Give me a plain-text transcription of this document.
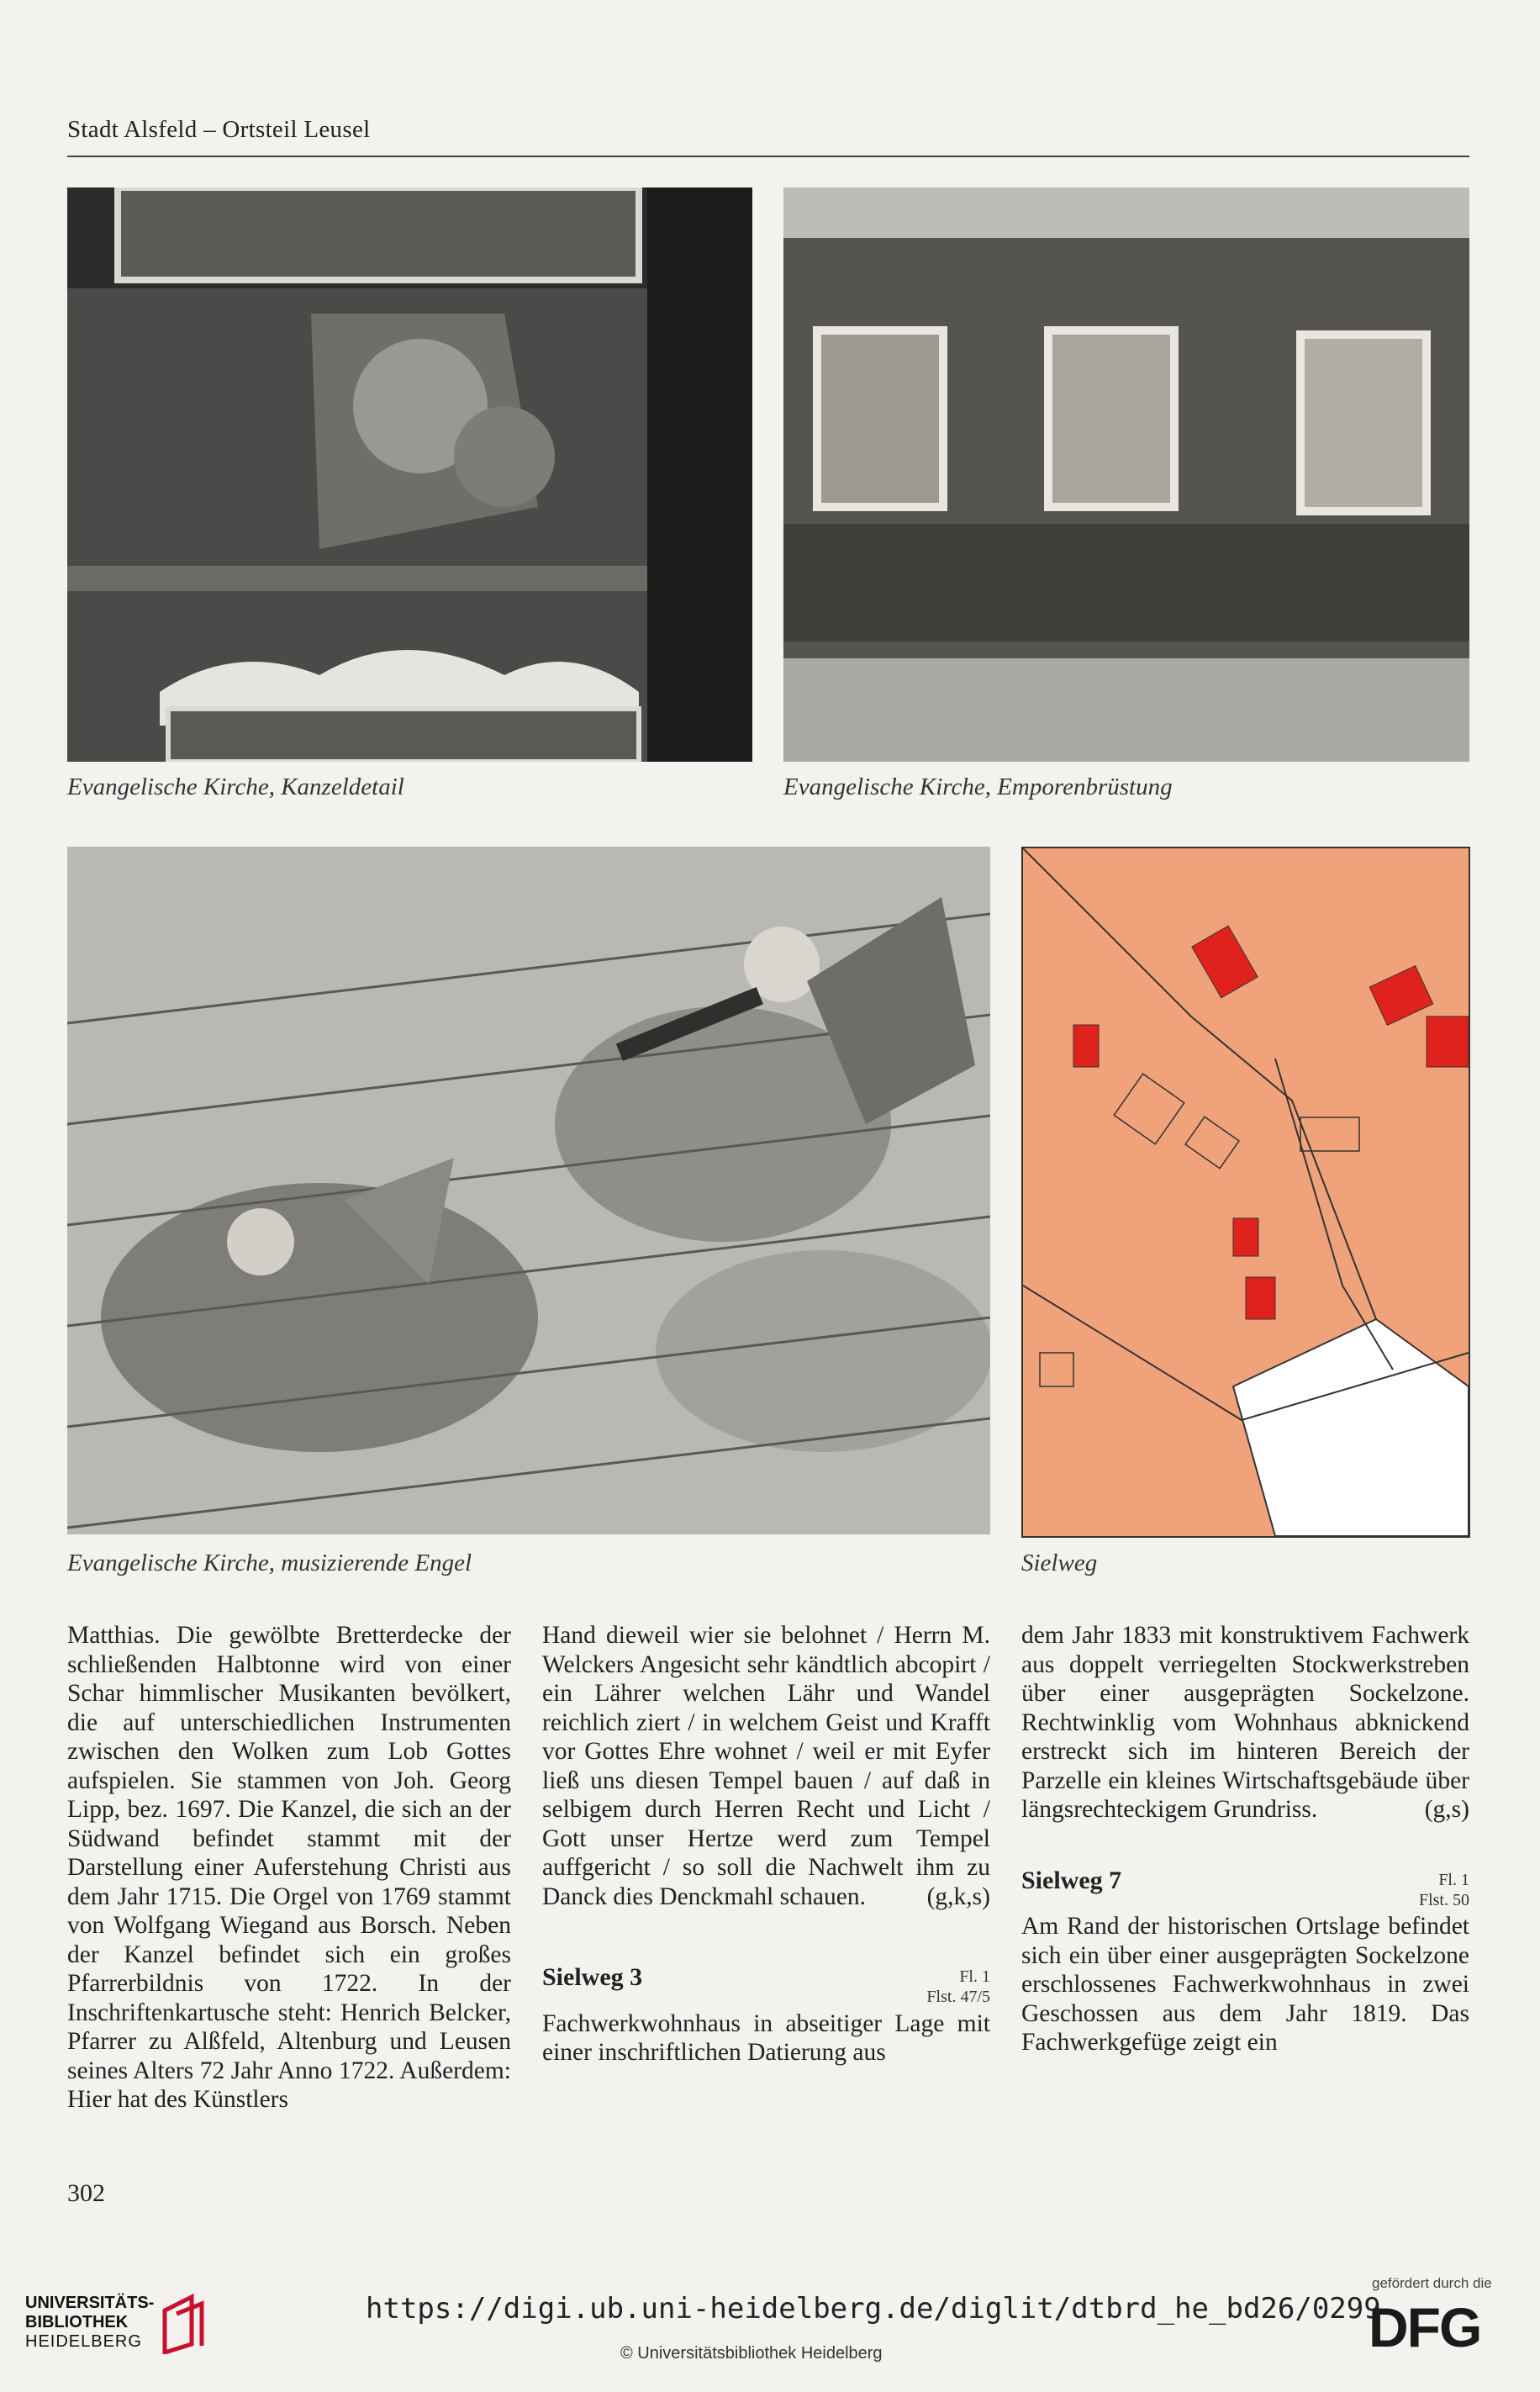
Stadt Alsfeld – Ortsteil Leusel
Evangelische Kirche, Kanzeldetail	Evangelische Kirche, Emporenbrüstung
Evangelische Kirche, musizierende Engel	Sielweg

Matthias. Die gewölbte Bretterdecke der schließenden Halbtonne wird von einer Schar himmlischer Musikanten bevölkert, die auf unterschiedlichen Instrumenten zwischen den Wolken zum Lob Gottes aufspielen. Sie stammen von Joh. Georg Lipp, bez. 1697. Die Kanzel, die sich an der Südwand befindet stammt mit der Darstellung einer Auferstehung Christi aus dem Jahr 1715. Die Orgel von 1769 stammt von Wolfgang Wiegand aus Borsch. Neben der Kanzel befindet sich ein großes Pfarrerbildnis von 1722. In der Inschriftenkartusche steht: Henrich Belcker, Pfarrer zu Alßfeld, Altenburg und Leusen seines Alters 72 Jahr Anno 1722. Außerdem: Hier hat des Künstlers

Hand dieweil wier sie belohnet / Herrn M. Welckers Angesicht sehr kändtlich abcopirt / ein Lährer welchen Lähr und Wandel reichlich ziert / in welchem Geist und Krafft vor Gottes Ehre wohnet / weil er mit Eyfer ließ uns diesen Tempel bauen / auf daß in selbigem durch Herren Recht und Licht / Gott unser Hertze werd zum Tempel auffgericht / so soll die Nachwelt ihm zu Danck dies Denckmahl schauen. (g,k,s)

Sielweg 3	Fl. 1
Flst. 47/5

Fachwerkwohnhaus in abseitiger Lage mit einer inschriftlichen Datierung aus

dem Jahr 1833 mit konstruktivem Fachwerk aus doppelt verriegelten Stockwerkstreben über einer ausgeprägten Sockelzone. Rechtwinklig vom Wohnhaus abknickend erstreckt sich im hinteren Bereich der Parzelle ein kleines Wirtschaftsgebäude über längsrechteckigem Grundriss.	(g,s)

Sielweg 7	Fl. 1
Flst. 50

Am Rand der historischen Ortslage befindet sich ein über einer ausgeprägten Sockelzone erschlossenes Fachwerkwohnhaus in zwei Geschossen aus dem Jahr 1819. Das Fachwerkgefüge zeigt ein

302
UNIVERSITÄTS-
BIBLIOTHEK
HEIDELBERG
https://digi.ub.uni-heidelberg.de/diglit/dtbrd_he_bd26/0299
© Universitätsbibliothek Heidelberg
gefördert durch die
DFG
